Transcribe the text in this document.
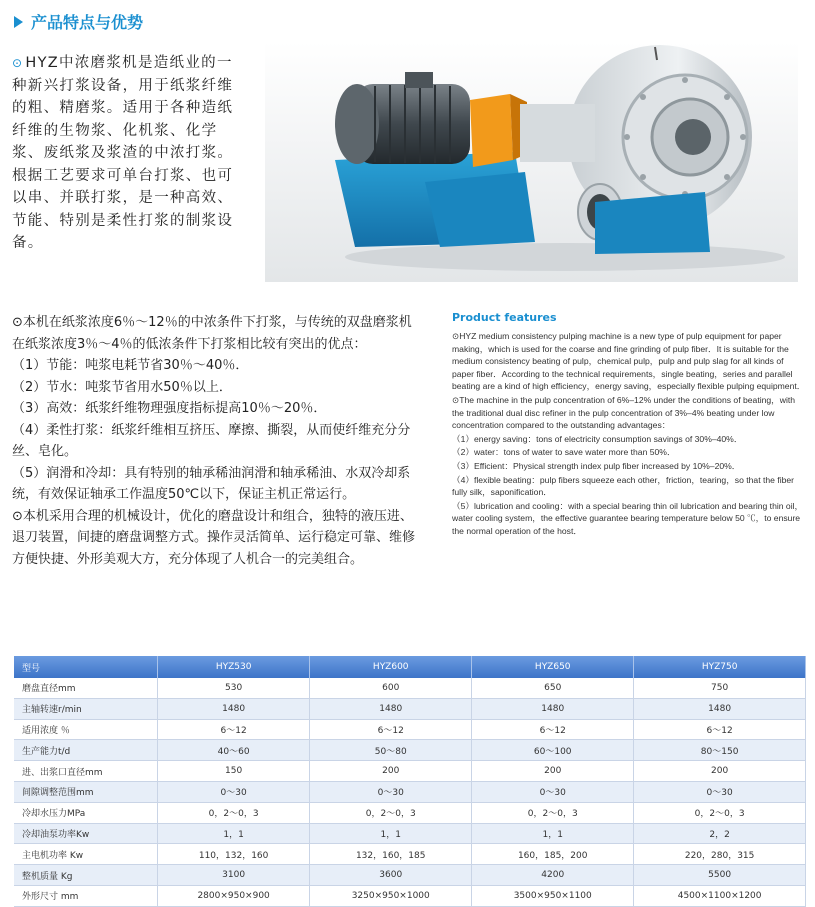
产品特点与优势
⊙ HYZ中浓磨浆机是造纸业的一种新兴打浆设备，用于纸浆纤维的粗、精磨浆。适用于各种造纸纤维的生物浆、化机浆、化学浆、废纸浆及浆渣的中浓打浆。根据工艺要求可单台打浆、也可以串、并联打浆，是一种高效、节能、特别是柔性打浆的制浆设备。

⊙本机在纸浆浓度6％～12％的中浓条件下打浆，与传统的双盘磨浆机在纸浆浓度3％～4％的低浓条件下打浆相比较有突出的优点：

（1）节能：吨浆电耗节省30％～40％．

（2）节水：吨浆节省用水50％以上．

（3）高效：纸浆纤维物理强度指标提高10％～20％．

（4）柔性打浆：纸浆纤维相互挤压、摩擦、撕裂，从而使纤维充分分丝、皂化。

（5）润滑和冷却：具有特别的轴承稀油润滑和轴承稀油、水双冷却系统，有效保证轴承工作温度50℃以下，保证主机正常运行。

⊙本机采用合理的机械设计，优化的磨盘设计和组合，独特的液压进、退刀装置，间捷的磨盘调整方式。操作灵活简单、运行稳定可靠、维修方便快捷、外形美观大方，充分体现了人机合一的完美组合。

Product features

⊙HYZ medium consistency pulping machine is a new type of pulp equipment for paper making，which is used for the coarse and fine grinding of pulp fiber．It is suitable for the medium consistency beating of pulp，chemical pulp，pulp and pulp slag for all kinds of paper fiber．According to the technical requirements，single beating，series and parallel beating are a kind of high efficiency，energy saving，especially flexible pulping equipment．

⊙The machine in the pulp concentration of 6%–12% under the conditions of beating，with the traditional dual disc refiner in the pulp concentration of 3%–4% beating under low concentration compared to the outstanding advantages：

（1）energy saving：tons of electricity consumption savings of 30%–40%．

（2）water：tons of water to save water more than 50%．

（3）Efficient：Physical strength index pulp fiber increased by 10%–20%．

（4）flexible beating：pulp fibers squeeze each other，friction，tearing，so that the fiber fully silk，saponification．

（5）lubrication and cooling：with a special bearing thin oil lubrication and bearing thin oil，water cooling system，the effective guarantee bearing temperature below 50 ℃，to ensure the normal operation of the host．

型号	HYZ530	HYZ600	HYZ650	HYZ750
磨盘直径mm	530	600	650	750
主轴转速r/min	1480	1480	1480	1480
适用浓度 ％	6～12	6～12	6～12	6～12
生产能力t/d	40～60	50～80	60～100	80～150
进、出浆口直径mm	150	200	200	200
间隙调整范围mm	0～30	0～30	0～30	0～30
冷却水压力MPa	0，2～0，3	0，2～0，3	0，2～0，3	0，2～0，3
冷却油泵功率Kw	1，1	1，1	1，1	2，2
主电机功率 Kw	110，132，160	132，160，185	160，185，200	220，280，315
整机质量 Kg	3100	3600	4200	5500
外形尺寸 mm	2800×950×900	3250×950×1000	3500×950×1100	4500×1100×1200
